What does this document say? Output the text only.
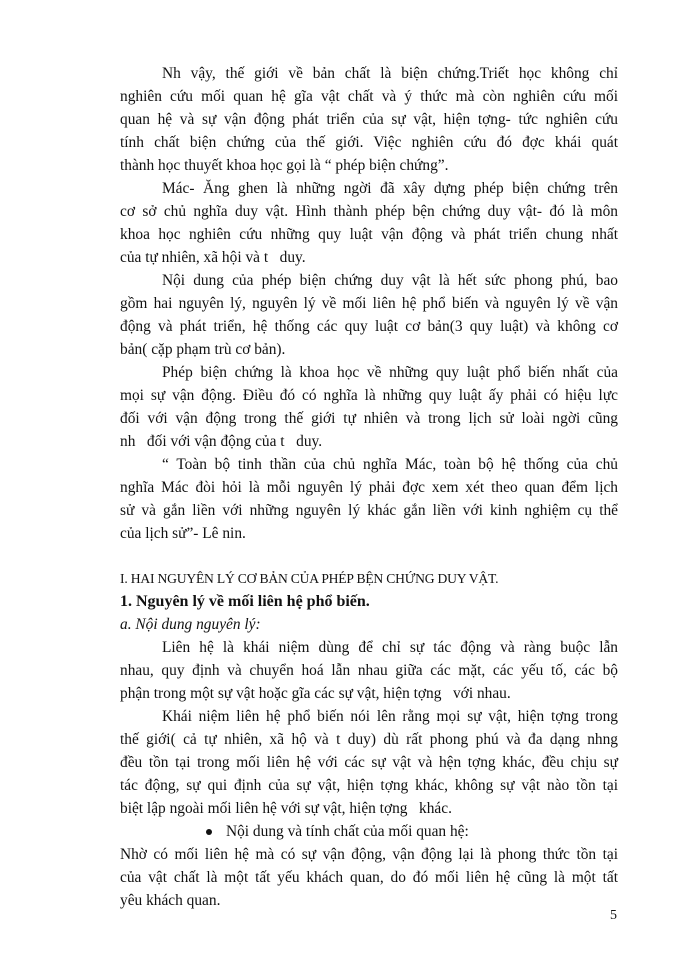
Nh vậy, thế giới về bản chất là biện chứng.Triết học không chỉ
nghiên cứu mối quan hệ gĩa vật chất và ý thức mà còn nghiên cứu mối
quan hệ và sự vận động phát triển của sự vật, hiện tợng- tức nghiên cứu
tính chất biện chứng của thế giới. Việc nghiên cứu đó đợc khái quát
thành học thuyết khoa học gọi là “ phép biện chứng”.
Mác- Ăng ghen là những ngời đã xây dựng phép biện chứng trên
cơ sở chủ nghĩa duy vật. Hình thành phép bện chứng duy vật- đó là môn
khoa học nghiên cứu những quy luật vận động và phát triển chung nhất
của tự nhiên, xã hội và t   duy.
Nội dung của phép biện chứng duy vật là hết sức phong phú, bao
gồm hai nguyên lý, nguyên lý về mối liên hệ phổ biến và nguyên lý về vận
động và phát triển, hệ thống các quy luật cơ bản(3 quy luật) và không cơ
bản( cặp phạm trù cơ bản).
Phép biện chứng là khoa học về những quy luật phổ biến nhất của
mọi sự vận động. Điều đó có nghĩa là những quy luật ấy phải có hiệu lực
đối với vận động trong thế giới tự nhiên và trong lịch sử loài ngời cũng
nh   đối với vận động của t   duy.
“ Toàn bộ tinh thần của chủ nghĩa Mác, toàn bộ hệ thống của chủ
nghĩa Mác đòi hỏi là mỗi nguyên lý phải đợc xem xét theo quan đểm lịch
sử và gắn liền với những nguyên lý khác gắn liền với kinh nghiệm cụ thể
của lịch sử”- Lê nin.
I. HAI NGUYÊN LÝ CƠ BẢN CỦA PHÉP BỆN CHỨNG DUY VẬT.
1. Nguyên lý về mối liên hệ phổ biến.
a. Nội dung nguyên lý:
Liên hệ là khái niệm dùng để chỉ sự tác động và ràng buộc lẫn
nhau, quy định và chuyển hoá lẫn nhau giữa các mặt, các yếu tố, các bộ
phận trong một sự vật hoặc gĩa các sự vật, hiện tợng   với nhau.
Khái niệm liên hệ phổ biến nói lên rằng mọi sự vật, hiện tợng trong
thế giới( cả tự nhiên, xã hộ và t duy) dù rất phong phú và đa dạng nhng
đều tồn tại trong mối liên hệ với các sự vật và hện tợng khác, đều chịu sự
tác động, sự qui định của sự vật, hiện tợng khác, không sự vật nào tồn tại
biệt lập ngoài mối liên hệ với sự vật, hiện tợng   khác.
Nội dung và tính chất của mối quan hệ:
Nhờ có mối liên hệ mà có sự vận động, vận động lại là phong thức tồn tại
của vật chất là một tất yếu khách quan, do đó mối liên hệ cũng là một tất
yêu khách quan.
5
